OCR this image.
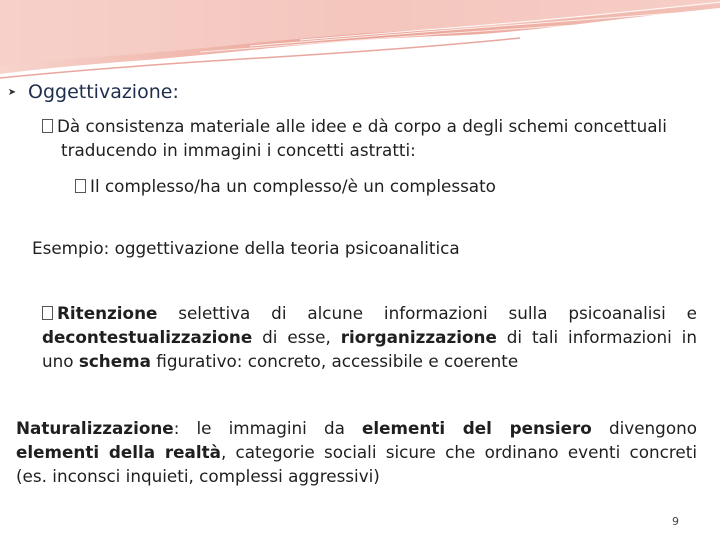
➤ Oggettivazione:
Dà consistenza materiale alle idee e dà corpo a degli schemi concettuali
traducendo in immagini i concetti astratti:
Il complesso/ha un complesso/è un complessato
Esempio: oggettivazione della teoria psicoanalitica
Ritenzione selettiva di alcune informazioni sulla psicoanalisi e decontestualizzazione di esse, riorganizzazione di tali informazioni in uno schema figurativo: concreto, accessibile e coerente
Naturalizzazione: le immagini da elementi del pensiero divengono elementi della realtà, categorie sociali sicure che ordinano eventi concreti (es. inconsci inquieti, complessi aggressivi)
9
